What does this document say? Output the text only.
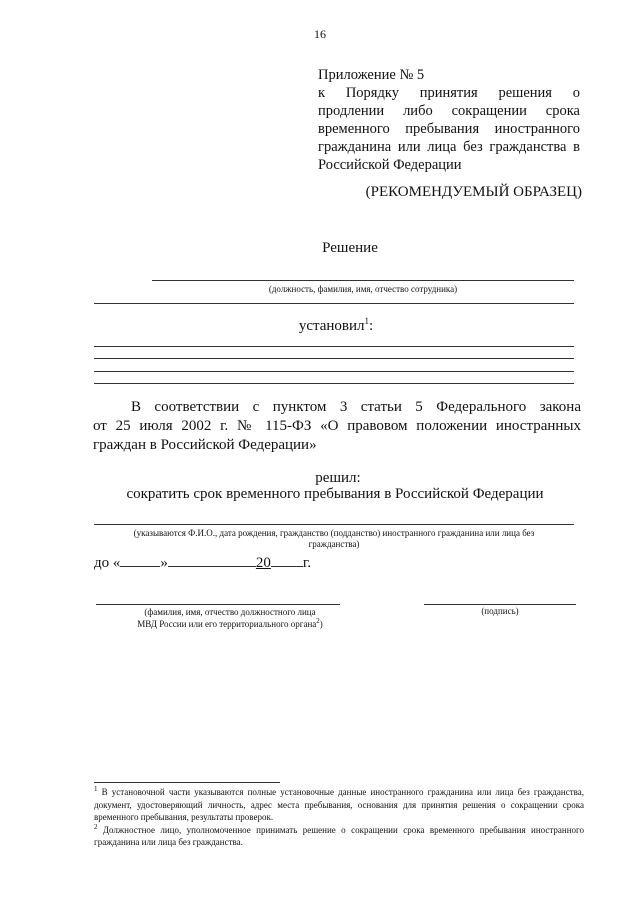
16
Приложение № 5
к Порядку принятия решения о
продлении либо сокращении срока
временного пребывания иностранного
гражданина или лица без гражданства в
Российской Федерации
(РЕКОМЕНДУЕМЫЙ ОБРАЗЕЦ)
Решение
(должность, фамилия, имя, отчество сотрудника)
установил$^1$:
В соответствии с пунктом 3 статьи 5 Федерального закона
от 25 июля 2002 г. № 115-ФЗ «О правовом положении иностранных
граждан в Российской Федерации»
решил:
сократить срок временного пребывания в Российской Федерации
(указываются Ф.И.О., дата рождения, гражданство (подданство) иностранного гражданина или лица без
гражданства)
до «	»	20 г.
(фамилия, имя, отчество должностного лица
МВД России или его территориального органа$^2$)
(подпись)

$^1$ В установочной части указываются полные установочные данные иностранного гражданина или лица без гражданства, документ, удостоверяющий личность, адрес места пребывания, основания для принятия решения о сокращении срока временного пребывания, результаты проверок.

$^2$ Должностное лицо, уполномоченное принимать решение о сокращении срока временного пребывания иностранного гражданина или лица без гражданства.
